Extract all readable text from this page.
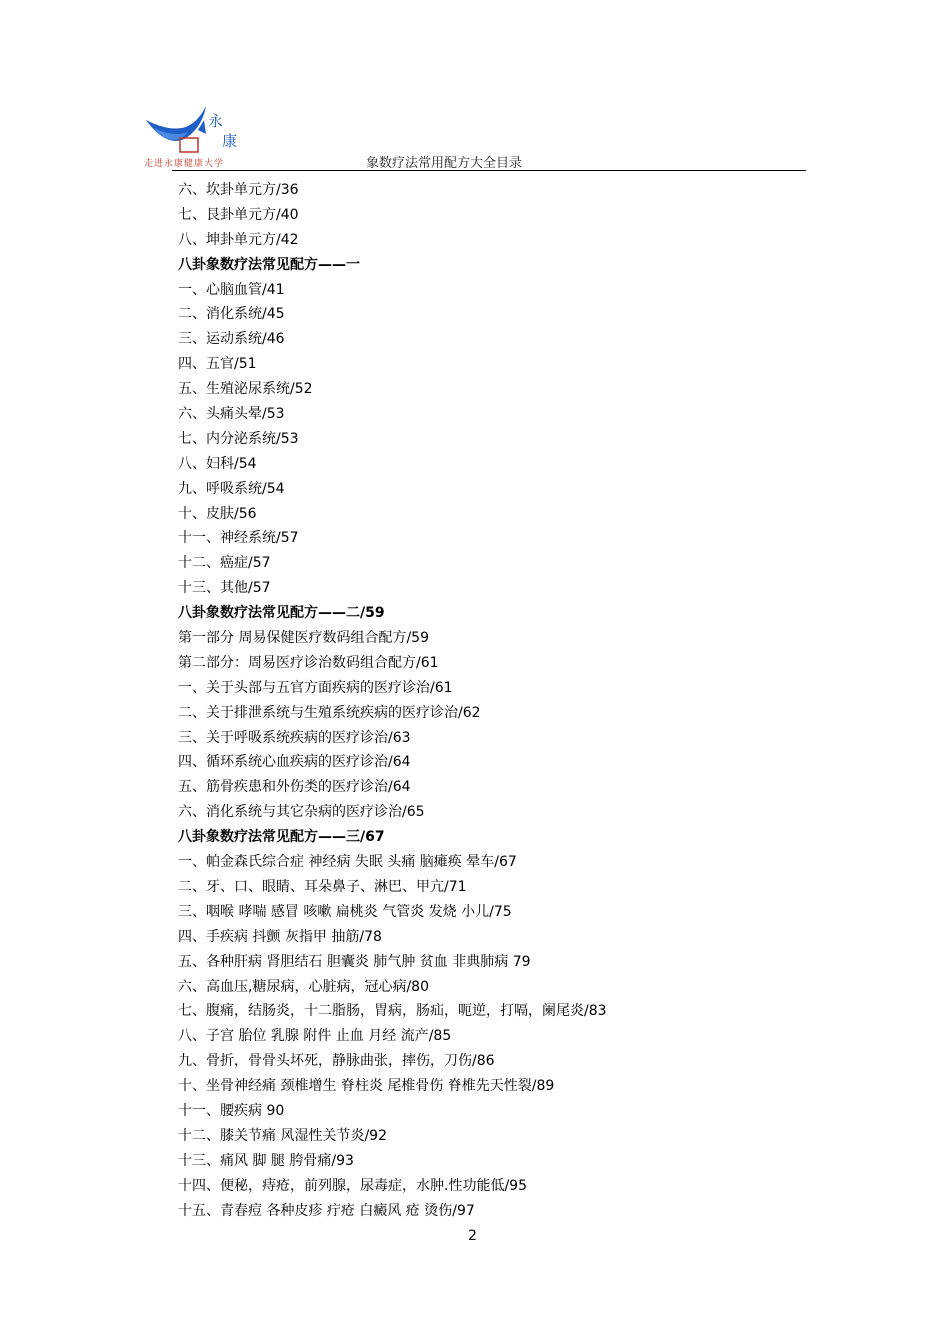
永
康
走进永康健康大学	象数疗法常用配方大全目录
六、坎卦单元方/36
七、艮卦单元方/40
八、坤卦单元方/42
八卦象数疗法常见配方——一
一、心脑血管/41
二、消化系统/45
三、运动系统/46
四、五官/51
五、生殖泌尿系统/52
六、头痛头晕/53
七、内分泌系统/53
八、妇科/54
九、呼吸系统/54
十、皮肤/56
十一、神经系统/57
十二、癌症/57
十三、其他/57
八卦象数疗法常见配方——二/59
第一部分 周易保健医疗数码组合配方/59
第二部分：周易医疗诊治数码组合配方/61
一、关于头部与五官方面疾病的医疗诊治/61
二、关于排泄系统与生殖系统疾病的医疗诊治/62
三、关于呼吸系统疾病的医疗诊治/63
四、循环系统心血疾病的医疗诊治/64
五、筋骨疾患和外伤类的医疗诊治/64
六、消化系统与其它杂病的医疗诊治/65
八卦象数疗法常见配方——三/67
一、帕金森氏综合症 神经病 失眠 头痛 脑瘫痪 晕车/67
二、牙、口、眼睛、耳朵鼻子、淋巴、甲亢/71
三、咽喉 哮喘 感冒 咳嗽 扁桃炎 气管炎 发烧 小儿/75
四、手疾病 抖颤 灰指甲 抽筋/78
五、各种肝病 肾胆结石 胆囊炎 肺气肿 贫血 非典肺病 79
六、高血压,糖尿病，心脏病，冠心病/80
七、腹痛，结肠炎，十二脂肠，胃病，肠疝，呃逆，打嗝，阑尾炎/83
八、子宫 胎位 乳腺 附件 止血 月经 流产/85
九、骨折，骨骨头坏死，静脉曲张，摔伤，刀伤/86
十、坐骨神经痛 颈椎增生 脊柱炎 尾椎骨伤 脊椎先天性裂/89
十一、腰疾病 90
十二、膝关节痛 风湿性关节炎/92
十三、痛风 脚 腿 胯骨痛/93
十四、便秘，痔疮，前列腺，尿毒症，水肿.性功能低/95
十五、青春痘 各种皮疹 疔疮 白癜风 疮 烫伤/97
2
